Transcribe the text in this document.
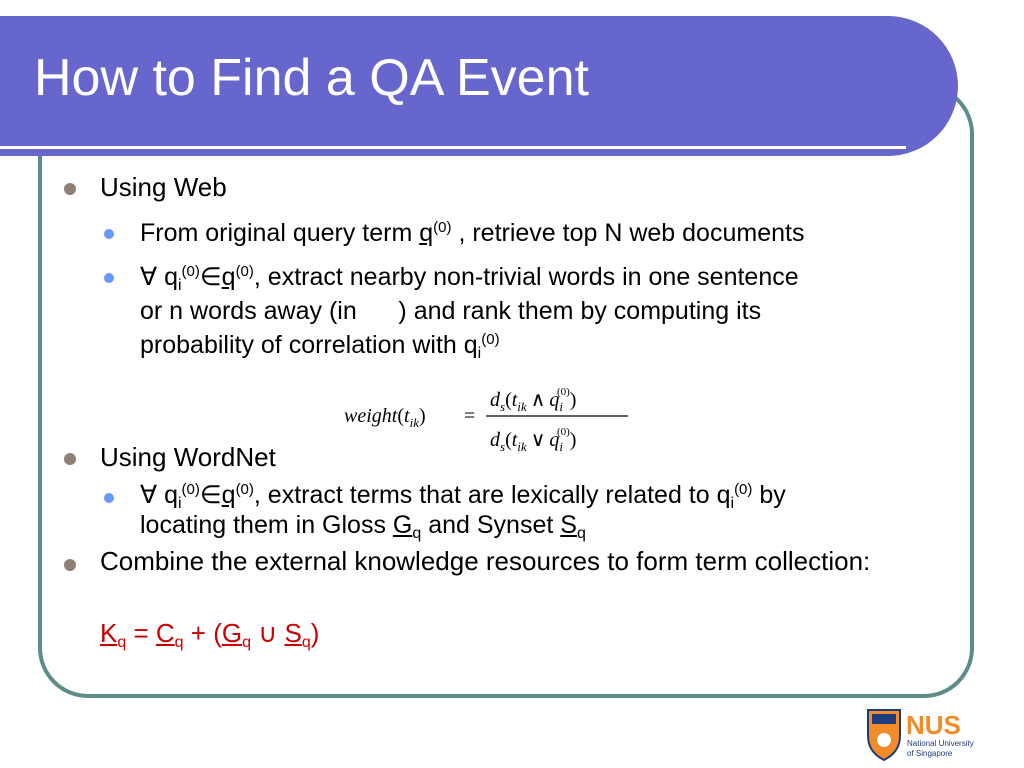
How to Find a QA Event
Using Web
From original query term $q^{(0)}$ , retrieve top N web documents
∀ $q_i^{(0)}\in q^{(0)}$, extract nearby non-trivial words in one sentence
or n words away (in      ) and rank them by computing its
probability of correlation with $q_i^{(0)}$
Using WordNet
∀ $q_i^{(0)}\in q^{(0)}$, extract terms that are lexically related to $q_i^{(0)}$ by
locating them in Gloss $G_q$ and Synset $S_q$
Combine the external knowledge resources to form term collection:
$K_q = C_q + (G_q$ ∪ $S_q$)
$weight(t_{ik})$ =
$d_s(t_{ik}$ ∧ $q_i(0)$)
$d_s(t_{ik}$ ∨ $q_i(0)$)
NUS
National University
of Singapore
